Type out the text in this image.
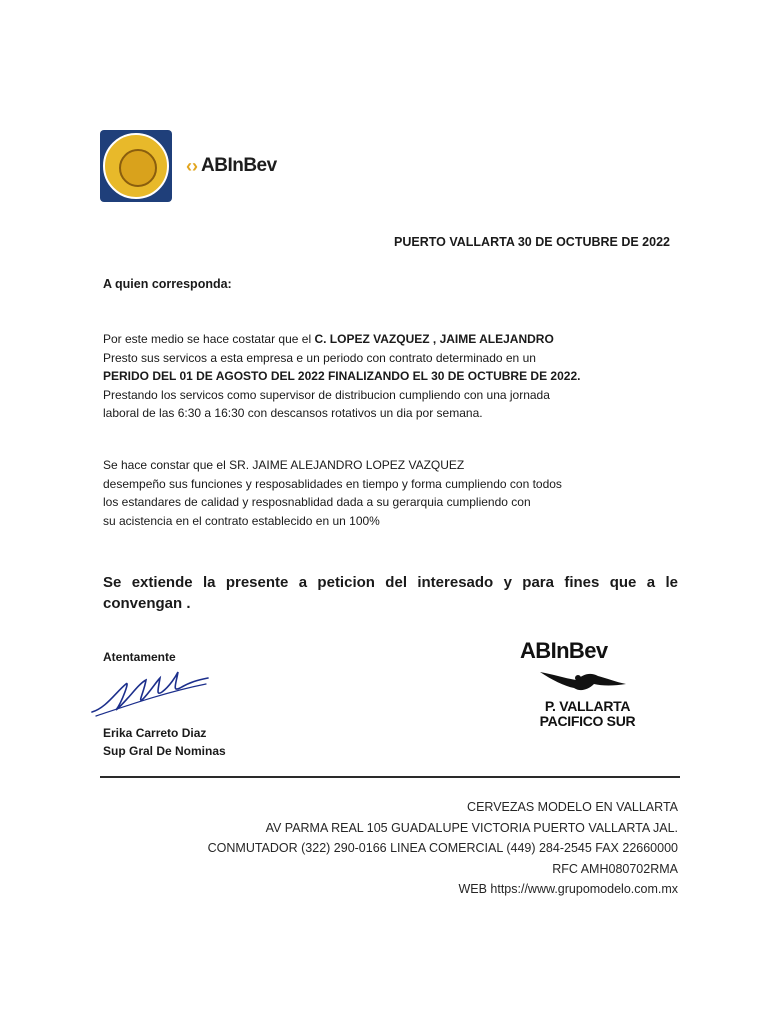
‹› ABInBev
PUERTO VALLARTA 30 DE OCTUBRE DE 2022
A quien corresponda:
Por este medio se hace costatar que el C. LOPEZ VAZQUEZ , JAIME ALEJANDRO
Presto sus servicos a esta empresa e un periodo con contrato determinado en un
PERIDO DEL 01 DE AGOSTO DEL 2022 FINALIZANDO EL 30 DE OCTUBRE DE 2022.
Prestando los servicos como supervisor de distribucion cumpliendo con una jornada
laboral de las 6:30 a 16:30 con descansos rotativos un dia por semana.
Se hace constar que el SR. JAIME ALEJANDRO LOPEZ VAZQUEZ
desempeño sus funciones y resposablidades en tiempo y forma cumpliendo con todos
los estandares de calidad y resposnablidad dada a su gerarquia cumpliendo con
su acistencia en el contrato establecido en un 100%
Se extiende la presente a peticion del interesado y para fines que a le convengan .
Atentamente
Erika Carreto Diaz
Sup Gral De Nominas
ABInBev
P. VALLARTA
PACIFICO SUR
CERVEZAS MODELO EN VALLARTA
AV PARMA REAL 105 GUADALUPE VICTORIA PUERTO VALLARTA JAL.
CONMUTADOR (322) 290-0166 LINEA COMERCIAL (449) 284-2545 FAX 22660000
RFC AMH080702RMA
WEB https://www.grupomodelo.com.mx
